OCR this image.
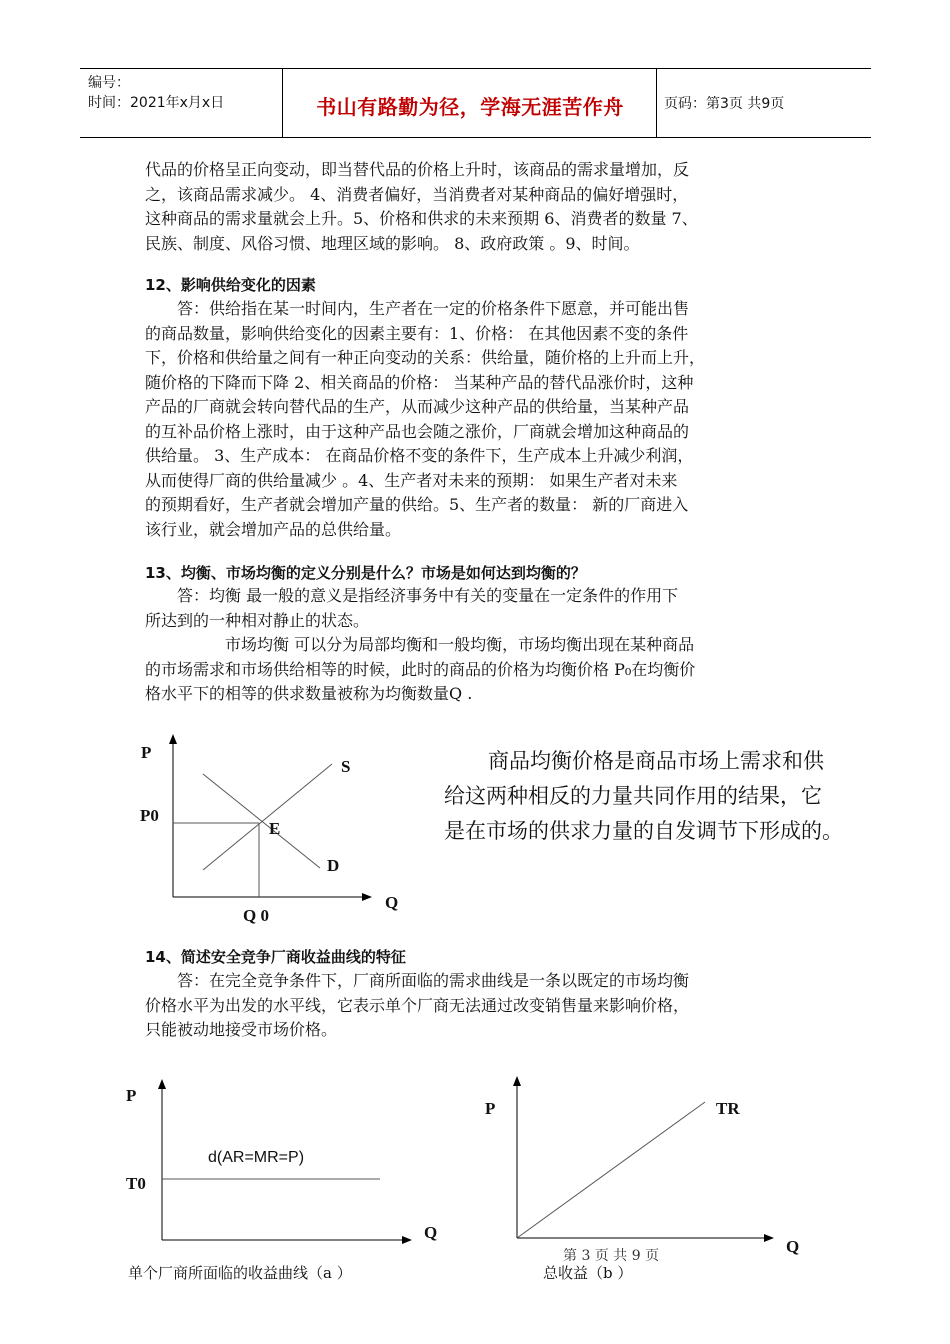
编号：
时间：2021年x月x日	书山有路勤为径，学海无涯苦作舟	页码：第3页 共9页
代品的价格呈正向变动，即当替代品的价格上升时，该商品的需求量增加，反
之，该商品需求减少。 4、消费者偏好，当消费者对某种商品的偏好增强时，
这种商品的需求量就会上升。5、价格和供求的未来预期 6、消费者的数量 7、
民族、制度、风俗习惯、地理区域的影响。 8、政府政策 。9、时间。
12、影响供给变化的因素
答：供给指在某一时间内，生产者在一定的价格条件下愿意，并可能出售
的商品数量，影响供给变化的因素主要有：1、价格： 在其他因素不变的条件
下，价格和供给量之间有一种正向变动的关系：供给量，随价格的上升而上升，
随价格的下降而下降 2、相关商品的价格： 当某种产品的替代品涨价时，这种
产品的厂商就会转向替代品的生产，从而减少这种产品的供给量，当某种产品
的互补品价格上涨时，由于这种产品也会随之涨价，厂商就会增加这种商品的
供给量。 3、生产成本： 在商品价格不变的条件下，生产成本上升减少利润，
从而使得厂商的供给量减少 。4、生产者对未来的预期： 如果生产者对未来
的预期看好，生产者就会增加产量的供给。5、生产者的数量： 新的厂商进入
该行业，就会增加产品的总供给量。
13、均衡、市场均衡的定义分别是什么？市场是如何达到均衡的？
答：均衡 最一般的意义是指经济事务中有关的变量在一定条件的作用下
所达到的一种相对静止的状态。
市场均衡 可以分为局部均衡和一般均衡，市场均衡出现在某种商品
的市场需求和市场供给相等的时候，此时的商品的价格为均衡价格 P₀在均衡价
格水平下的相等的供求数量被称为均衡数量Q .
P
S
P0
E
D
Q 0
Q
商品均衡价格是商品市场上需求和供
给这两种相反的力量共同作用的结果，它
是在市场的供求力量的自发调节下形成的。
14、简述安全竞争厂商收益曲线的特征
答：在完全竞争条件下，厂商所面临的需求曲线是一条以既定的市场均衡
价格水平为出发的水平线，它表示单个厂商无法通过改变销售量来影响价格，
只能被动地接受市场价格。
P
T0
d(AR=MR=P)
Q
单个厂商所面临的收益曲线（a ）
P	TR
Q
第 3 页 共 9 页
总收益（b ）
